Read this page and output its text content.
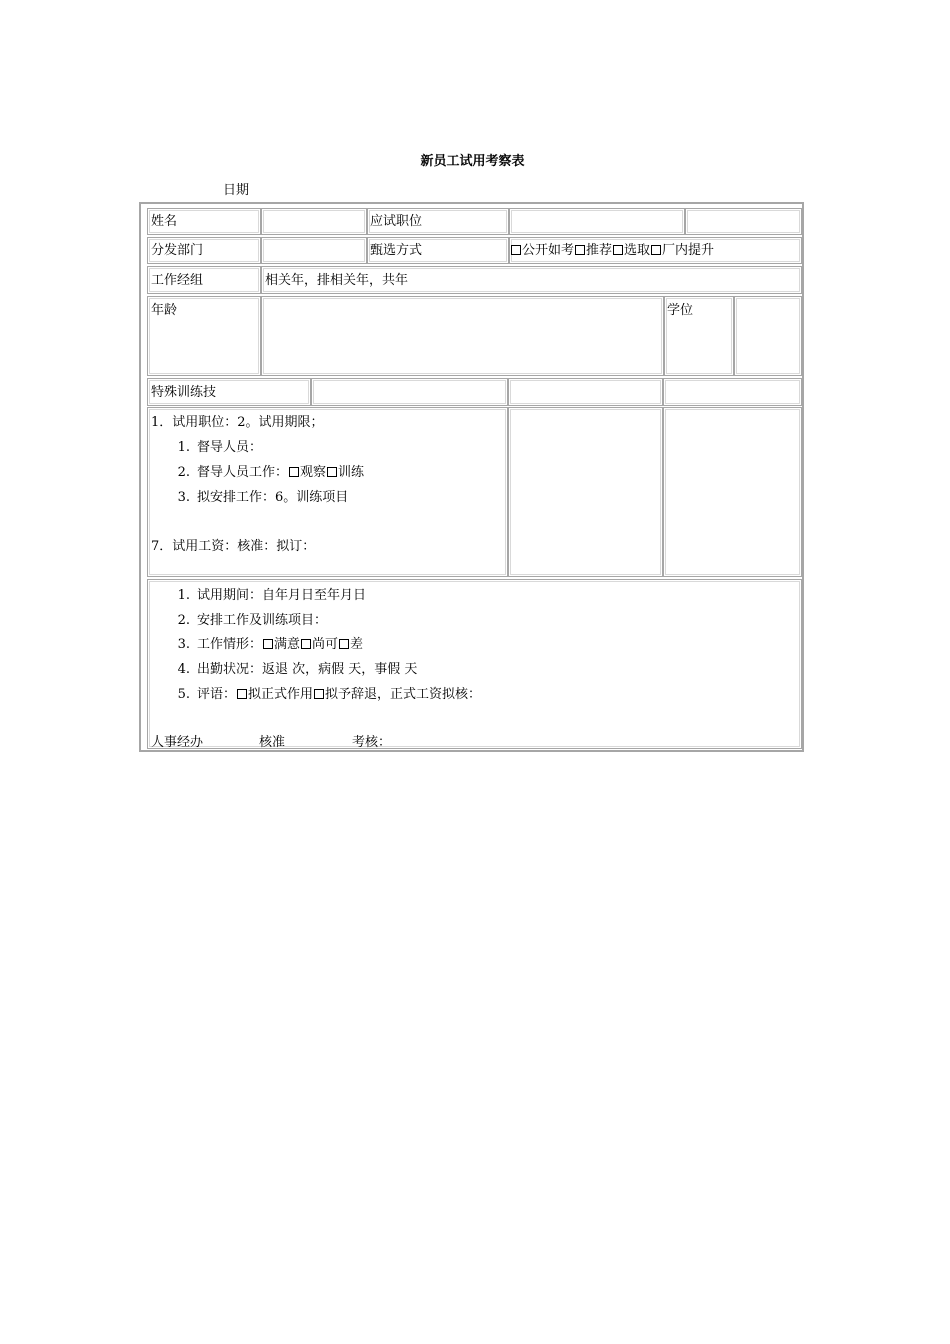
新员工试用考察表
日期
姓名	应试职位
分发部门	甄选方式	公开如考 推荐 选取 厂内提升
工作经组	相关年，排相关年，共年
年龄	学位
特殊训练技
1．试用职位：2。试用期限；
1. 督导人员：
2. 督导人员工作： 观察 训练
3. 拟安排工作：6。训练项目
7．试用工资：核准：拟订：
1. 试用期间：自年月日至年月日
2. 安排工作及训练项目：
3. 工作情形： 满意 尚可 差
4. 出勤状况：返退 次，病假 天，事假 天
5. 评语： 拟正式作用 拟予辞退，正式工资拟核：
人事经办	核准	考核：
